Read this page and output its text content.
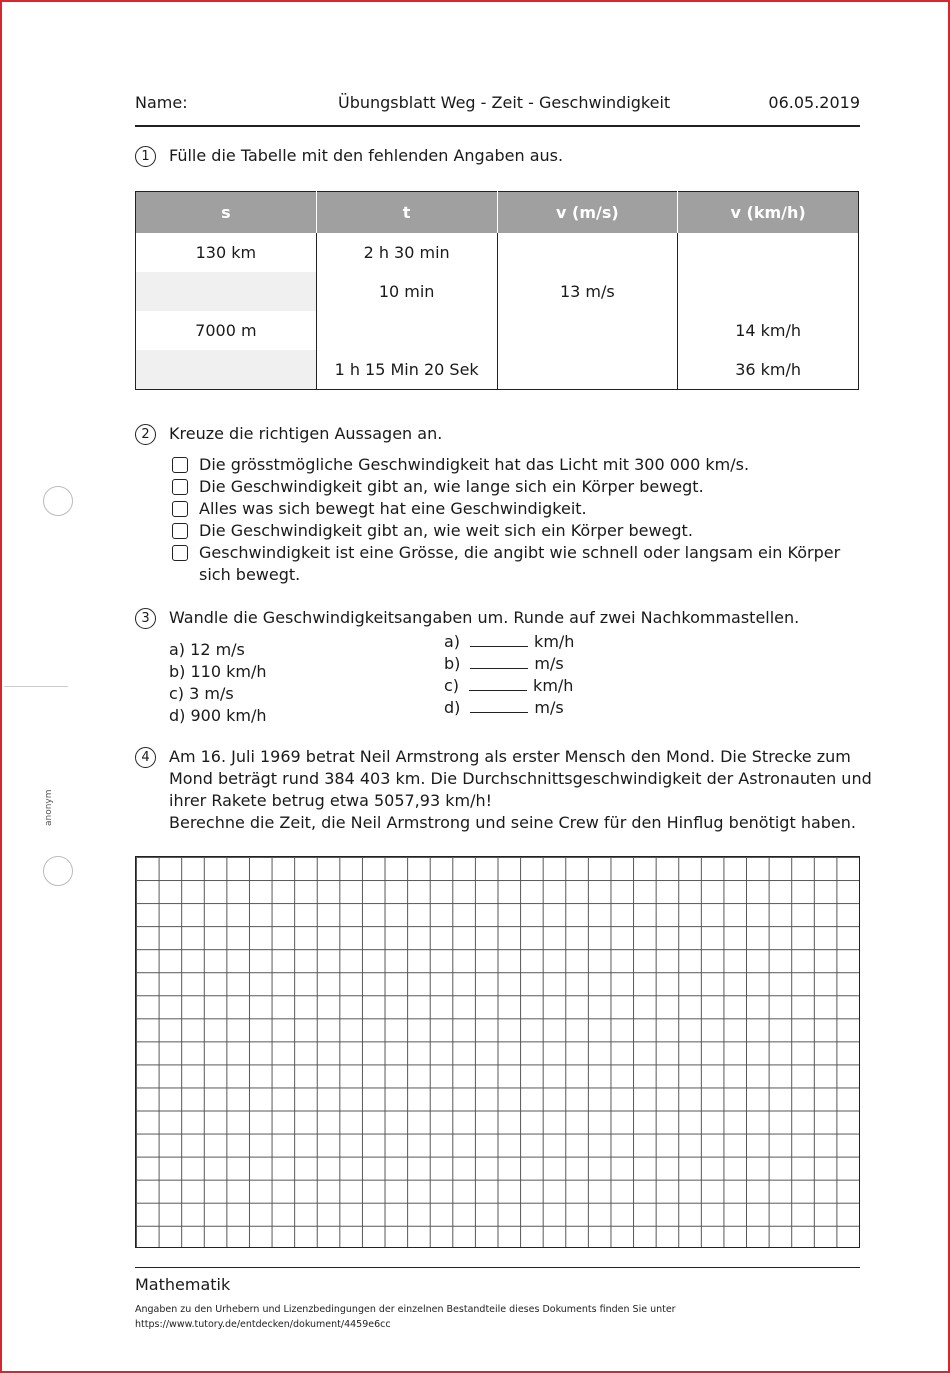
anonym
Name:	Übungsblatt Weg - Zeit - Geschwindigkeit	06.05.2019
1	Fülle die Tabelle mit den fehlenden Angaben aus.
s	t	v (m/s)	v (km/h)
130 km	2 h 30 min		
	10 min	13 m/s	
7000 m			14 km/h
	1 h 15 Min 20 Sek		36 km/h
2	Kreuze die richtigen Aussagen an.
Die grösstmögliche Geschwindigkeit hat das Licht mit 300 000 km/s.
Die Geschwindigkeit gibt an, wie lange sich ein Körper bewegt.
Alles was sich bewegt hat eine Geschwindigkeit.
Die Geschwindigkeit gibt an, wie weit sich ein Körper bewegt.
Geschwindigkeit ist eine Grösse, die angibt wie schnell oder langsam ein Körper sich bewegt.
3	Wandle die Geschwindigkeitsangaben um. Runde auf zwei Nachkommastellen.
a) 12 m/s
b) 110 km/h
c) 3 m/s
d) 900 km/h
a)	km/h
b)	m/s
c)	km/h
d)	m/s
4	Am 16. Juli 1969 betrat Neil Armstrong als erster Mensch den Mond. Die Strecke zum
Mond beträgt rund 384 403 km. Die Durchschnittsgeschwindigkeit der Astronauten und
ihrer Rakete betrug etwa 5057,93 km/h!
Berechne die Zeit, die Neil Armstrong und seine Crew für den Hinflug benötigt haben.
Mathematik
Angaben zu den Urhebern und Lizenzbedingungen der einzelnen Bestandteile dieses Dokuments finden Sie unter
https://www.tutory.de/entdecken/dokument/4459e6cc
